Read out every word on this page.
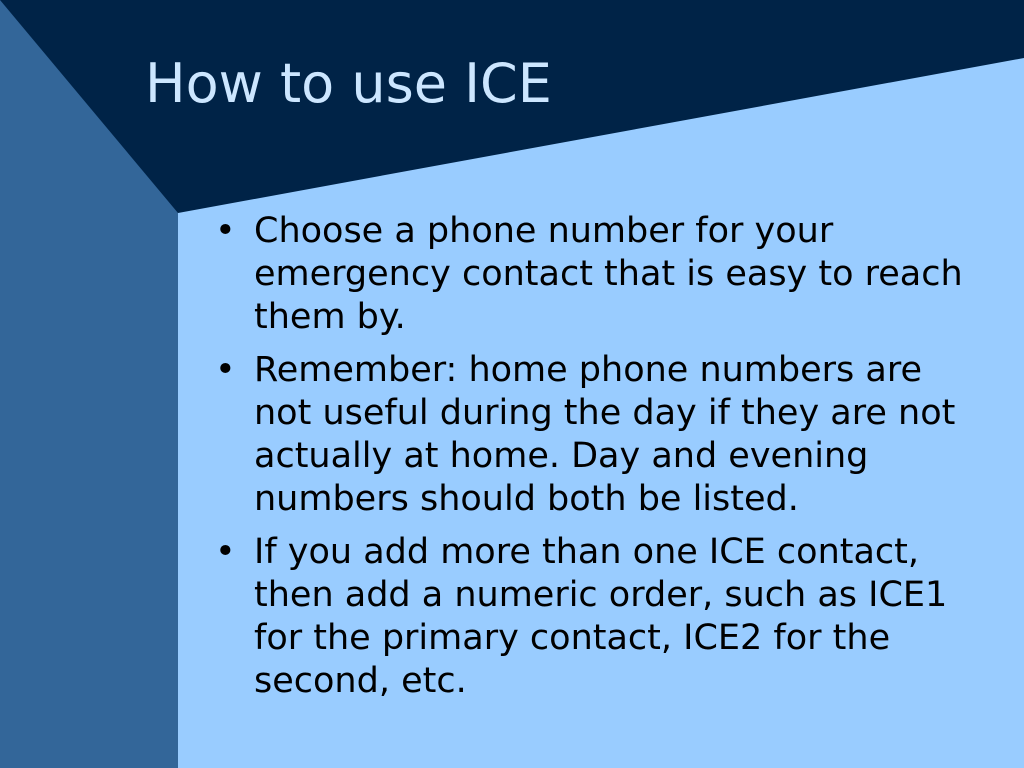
How to use ICE
• Choose a phone number for your emergency contact that is easy to reach them by.
• Remember: home phone numbers are not useful during the day if they are not actually at home. Day and evening numbers should both be listed.
• If you add more than one ICE contact, then add a numeric order, such as ICE1 for the primary contact, ICE2 for the second, etc.
